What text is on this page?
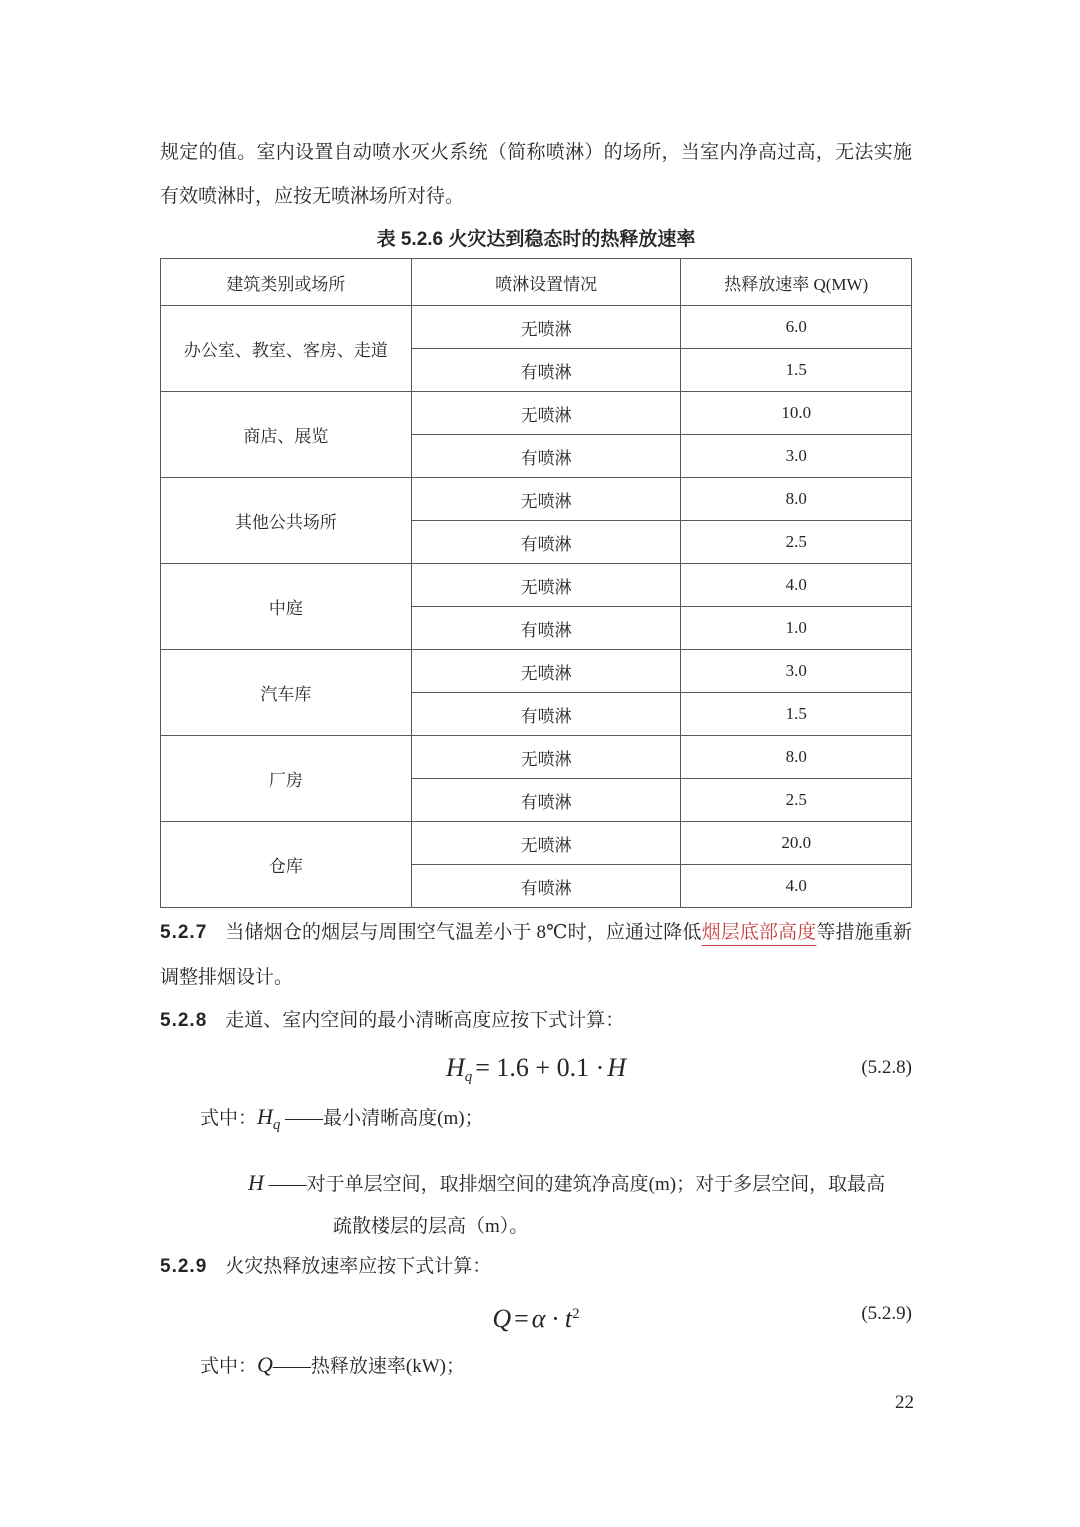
规定的值。室内设置自动喷水灭火系统（简称喷淋）的场所，当室内净高过高，无法实施有效喷淋时，应按无喷淋场所对待。

表 5.2.6 火灾达到稳态时的热释放速率

建筑类别或场所	喷淋设置情况	热释放速率 Q(MW)
办公室、教室、客房、走道	无喷淋	6.0
	有喷淋	1.5
商店、展览	无喷淋	10.0
	有喷淋	3.0
其他公共场所	无喷淋	8.0
	有喷淋	2.5
中庭	无喷淋	4.0
	有喷淋	1.0
汽车库	无喷淋	3.0
	有喷淋	1.5
厂房	无喷淋	8.0
	有喷淋	2.5
仓库	无喷淋	20.0
	有喷淋	4.0

5.2.7 当储烟仓的烟层与周围空气温差小于 8℃时，应通过降低烟层底部高度等措施重新调整排烟设计。

5.2.8 走道、室内空间的最小清晰高度应按下式计算：

$H_q = 1.6 + 0.1 \cdot H$	(5.2.8)

式中：$H_q$ ——最小清晰高度(m)；

H ——对于单层空间，取排烟空间的建筑净高度(m)；对于多层空间，取最高

疏散楼层的层高（m）。

5.2.9 火灾热释放速率应按下式计算：

$Q = \alpha \cdot t^2$	(5.2.9)

式中：Q——热释放速率(kW)；

22
